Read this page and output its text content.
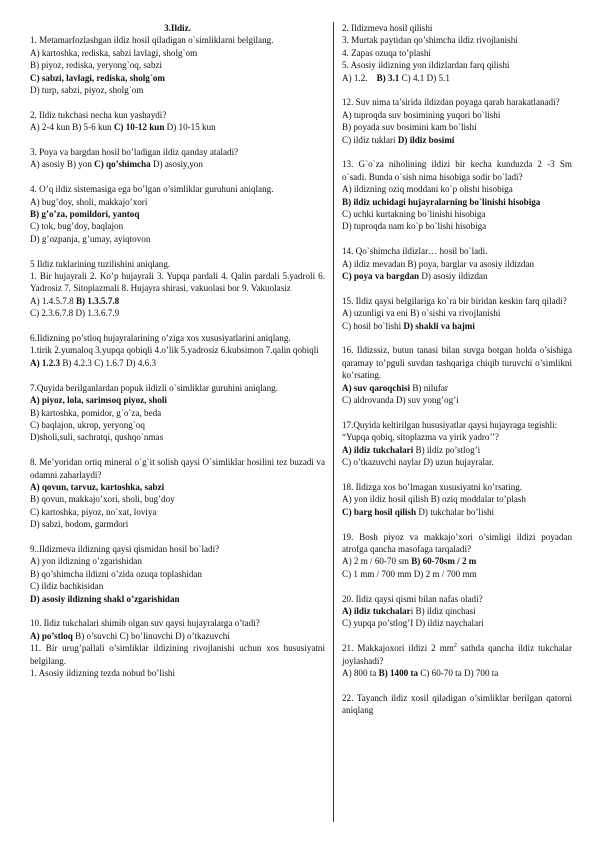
3.Ildiz.

1. Metamarfozlashgan ildiz hosil qiladigan o`simliklarni belgilang.

A) kartoshka, rediska, sabzi lavlagi, sholg`om

B) piyoz, rediska, yeryong`oq, sabzi

C) sabzi, lavlagi, rediska, sholg`om

D) turp, sabzi, piyoz, sholg`om

2. Ildiz tukchasi necha kun yashaydi?

A) 2-4 kun B) 5-6 kun C) 10-12 kun D) 10-15 kun

3. Poya va bargdan hosil bo’ladigan ildiz qanday ataladi?

A) asosiy B) yon C) qo’shimcha D) asosiy,yon

4. O’q ildiz sistemasiga ega bo’lgan o’simliklar guruhuni aniqlang.

A) bug’doy, sholi, makkajo’xori

B) g’o’za, pomildori, yantoq

C) tok, bug’doy, baqlajon

D) g’ozpanja, g’umay, ayiqtovon

5 Ildiz tuklarining tuzilishini aniqlang.

1. Bir hujayrali 2. Ko’p hujayrali 3. Yupqa pardali 4. Qalin pardali 5.yadroli 6. Yadrosiz 7. Sitoplazmali 8. Hujayra shirasi, vakuolasi bor 9. Vakuolasiz

A) 1.4.5.7.8 B) 1.3.5.7.8

C) 2.3.6.7.8 D) 1.3.6.7.9

6.Ildizning po’stloq hujayralarining o’ziga xos xususiyatlarini aniqlang.

1.tirik 2.yumaloq 3.yupqa qobiqli 4.o’lik 5.yadrosiz 6.kubsimon 7.qalin qobiqli

A) 1.2.3 B) 4.2.3 C) 1.6.7 D) 4.6.3

7.Quyida berilganlardan popuk ildizli o`simliklar guruhini aniqlang.

A) piyoz, lola, sarimsoq piyoz, sholi

B) kartoshka, pomidor, g`o`za, beda

C) baqlajon, ukrop, yeryong`oq

D)sholi,suli, sachratqi, qushqo`nmas

8. Me’yoridan ortiq mineral o`g`it solish qaysi O`simliklar hosilini tez buzadi va odamni zaharlaydi?

A) qovun, tarvuz, kartoshka, sabzi

B) qovun, makkajo’xori, sholi, bug’doy

C) kartoshka, piyoz, no`xat, loviya

D) sabzi, bodom, garmdori

9..Ildizmeva ildizning qaysi qismidan hosil bo`ladi?

A) yon ildizning o’zgarishidan

B) qo’shimcha ildizni o’zida ozuqa toplashidan

C) ildiz bachkisidan

D) asosiy ildizning shakl o’zgarishidan

10. Ildiz tukchalari shimib olgan suv qaysi hujayralarga o’tadi?

A) po’stloq B) o’suvchi C) bo’linuvchi D) o’tkazuvchi

11. Bir urug’pallali o’simliklar ildizining rivojlanishi uchun xos hususiyatni belgilang.

1. Asosiy ildizning tezda nobud bo’lishi

2. Ildizmeva hosil qilishi

3. Murtak paytidan qo’shimcha ildiz rivojlanishi

4. Zapas ozuqa to’plashi

5. Asosiy ildizning yon ildizlardan farq qilishi

A) 1.2.    B) 3.1 C) 4.1 D) 5.1

12. Suv nima ta’sirida ildizdan poyaga qarab harakatlanadi?

A) tuproqda suv bosimining yuqori bo`lishi

B) poyada suv bosimini kam bo`lishi

C) ildiz tuklari D) ildiz bosimi

13. G`o`za niholining ildizi bir kecha kunduzda 2 -3 Sm o`sadi. Bunda o`sish nima hisobiga sodir bo`ladi?

A) ildizning oziq moddani ko`p olishi hisobiga

B) ildiz uchidagi hujayralarning bo`linishi hisobiga

C) uchki kurtakning bo`linishi hisobiga

D) tuproqda nam ko`p bo`lishi hisobiga

14. Qo`shimcha ildizlar… hosil bo`ladi.

A) ildiz mevadan B) poya, barglar va asosiy ildizdan

C) poya va bargdan D) asosiy ildizdan

15. Ildiz qaysi belgilariga ko`ra bir biridan keskin farq qiladi?

A) uzunligi va eni B) o`sishi va rivojlanishi

C) hosil bo`lishi D) shakli va hajmi

16. Ildizssiz, butun tanasi bilan suvga botgan holda o’sishiga qaramay to’pguli suvdan tashqariga chiqib turuvchi o’simlikni ko’rsating.

A) suv qaroqchisi B) nilufar

C) aldrovanda D) suv yong’og’i

17.Quyida keltirilgan hususiyatlar qaysi hujayraga tegishli:

“Yupqa qobiq, sitoplazma va yirik yadro’’?

A) ildiz tukchalari B) ildiz po’stlog’i

C) o’tkazuvchi naylar D) uzun hujayralar.

18. Ildizga xos bo’lmagan xususiyatni ko’rsating.

A) yon ildiz hosil qilish B) oziq moddalar to’plash

C) barg hosil qilish D) tukchalar bo’lishi

19. Bosh piyoz va makkajo’xori o’simligi ildizi poyadan atrofga qancha masofaga tarqaladi?

A) 2 m / 60-70 sm B) 60-70sm / 2 m

C) 1 mm / 700 mm D) 2 m / 700 mm

20. Ildiz qaysi qismi bilan nafas oladi?

A) ildiz tukchalari B) ildiz qinchasi

C) yupqa po’stlog’I D) ildiz naychalari

21. Makkajoxori ildizi 2 $mm^2$ sathda qancha ildiz tukchalar joylashadi?

A) 800 ta B) 1400 ta C) 60-70 ta D) 700 ta

22. Tayanch ildiz xosil qiladigan o’simliklar berilgan qatorni aniqlang
